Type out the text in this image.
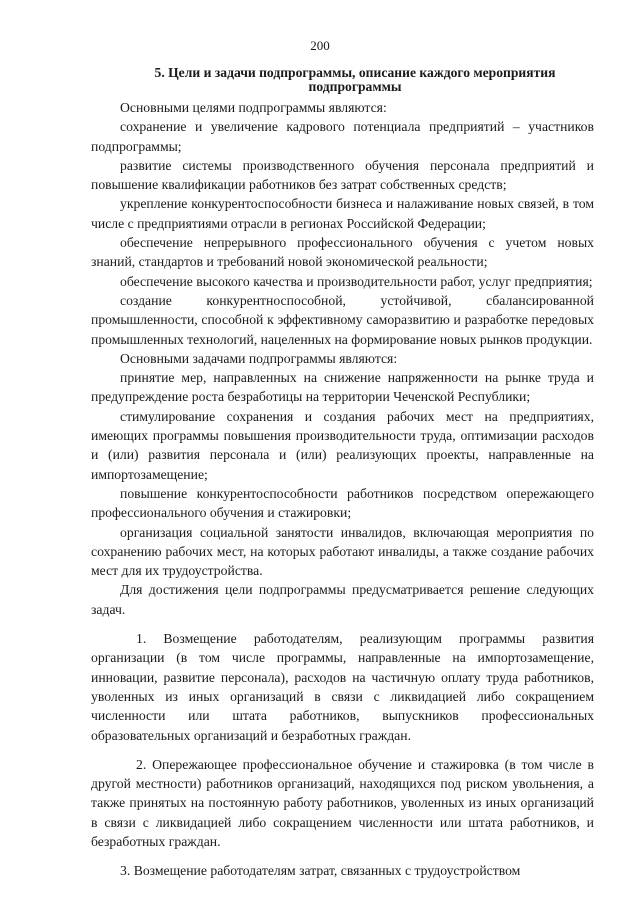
200
5. Цели и задачи подпрограммы, описание каждого мероприятия
подпрограммы

Основными целями подпрограммы являются:

сохранение и увеличение кадрового потенциала предприятий – участников подпрограммы;

развитие системы производственного обучения персонала предприятий и повышение квалификации работников без затрат собственных средств;

укрепление конкурентоспособности бизнеса и налаживание новых связей, в том числе с предприятиями отрасли в регионах Российской Федерации;

обеспечение непрерывного профессионального обучения с учетом новых знаний, стандартов и требований новой экономической реальности;

обеспечение высокого качества и производительности работ, услуг предприятия;

создание конкурентноспособной, устойчивой, сбалансированной промышленности, способной к эффективному саморазвитию и разработке передовых промышленных технологий, нацеленных на формирование новых рынков продукции.

Основными задачами подпрограммы являются:

принятие мер, направленных на снижение напряженности на рынке труда и предупреждение роста безработицы на территории Чеченской Республики;

стимулирование сохранения и создания рабочих мест на предприятиях, имеющих программы повышения производительности труда, оптимизации расходов и (или) развития персонала и (или) реализующих проекты, направленные на импортозамещение;

повышение конкурентоспособности работников посредством опережающего профессионального обучения и стажировки;

организация социальной занятости инвалидов, включающая мероприятия по сохранению рабочих мест, на которых работают инвалиды, а также создание рабочих мест для их трудоустройства.

Для достижения цели подпрограммы предусматривается решение следующих задач.

1. Возмещение работодателям, реализующим программы развития организации (в том числе программы, направленные на импортозамещение, инновации, развитие персонала), расходов на частичную оплату труда работников, уволенных из иных организаций в связи с ликвидацией либо сокращением численности или штата работников, выпускников профессиональных образовательных организаций и безработных граждан.

2. Опережающее профессиональное обучение и стажировка (в том числе в другой местности) работников организаций, находящихся под риском увольнения, а также принятых на постоянную работу работников, уволенных из иных организаций в связи с ликвидацией либо сокращением численности или штата работников, и безработных граждан.

3. Возмещение работодателям затрат, связанных с трудоустройством
